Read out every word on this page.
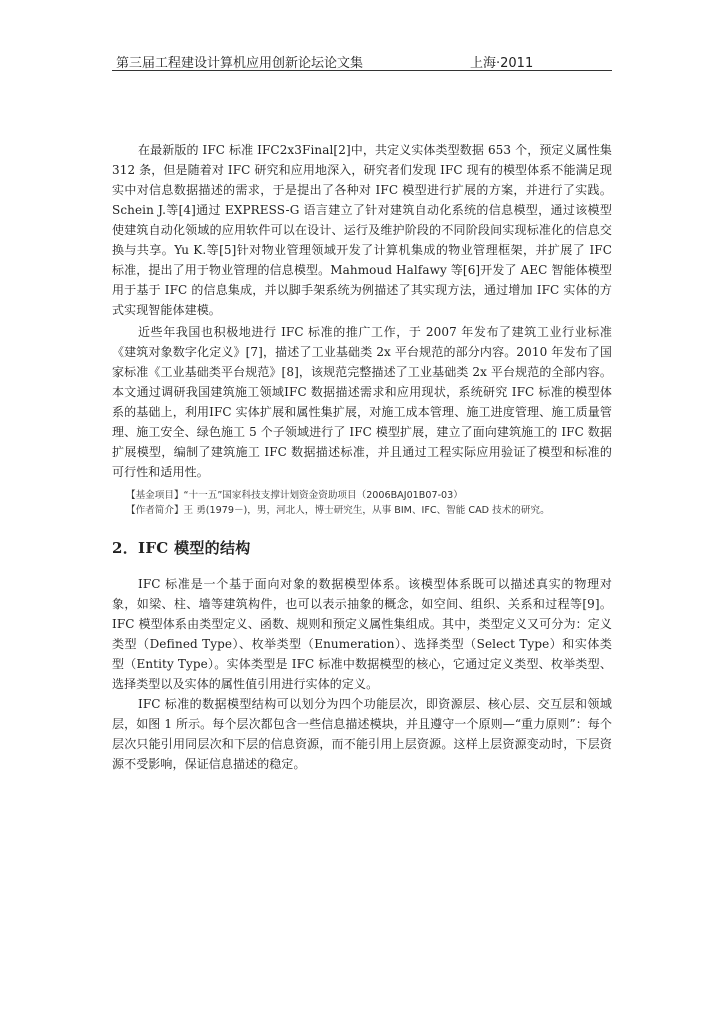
第三届工程建设计算机应用创新论坛论文集	上海·2011

在最新版的 IFC 标准 IFC2x3Final[2]中，共定义实体类型数据 653 个，预定义属性集 312 条，但是随着对 IFC 研究和应用地深入，研究者们发现 IFC 现有的模型体系不能满足现实中对信息数据描述的需求，于是提出了各种对 IFC 模型进行扩展的方案，并进行了实践。Schein J.等[4]通过 EXPRESS-G 语言建立了针对建筑自动化系统的信息模型，通过该模型使建筑自动化领域的应用软件可以在设计、运行及维护阶段的不同阶段间实现标准化的信息交换与共享。Yu K.等[5]针对物业管理领域开发了计算机集成的物业管理框架，并扩展了 IFC 标准，提出了用于物业管理的信息模型。Mahmoud Halfawy 等[6]开发了 AEC 智能体模型用于基于 IFC 的信息集成，并以脚手架系统为例描述了其实现方法，通过增加 IFC 实体的方式实现智能体建模。

近些年我国也积极地进行 IFC 标准的推广工作，于 2007 年发布了建筑工业行业标准《建筑对象数字化定义》[7]，描述了工业基础类 2x 平台规范的部分内容。2010 年发布了国家标准《工业基础类平台规范》[8]，该规范完整描述了工业基础类 2x 平台规范的全部内容。本文通过调研我国建筑施工领域IFC 数据描述需求和应用现状，系统研究 IFC 标准的模型体系的基础上，利用IFC 实体扩展和属性集扩展，对施工成本管理、施工进度管理、施工质量管理、施工安全、绿色施工 5 个子领域进行了 IFC 模型扩展，建立了面向建筑施工的 IFC 数据扩展模型，编制了建筑施工 IFC 数据描述标准，并且通过工程实际应用验证了模型和标准的可行性和适用性。

【基金项目】“十一五”国家科技支撑计划资金资助项目（2006BAJ01B07-03）
【作者简介】王 勇(1979－)，男，河北人，博士研究生，从事 BIM、IFC、智能 CAD 技术的研究。
2．IFC 模型的结构

IFC 标准是一个基于面向对象的数据模型体系。该模型体系既可以描述真实的物理对象，如梁、柱、墙等建筑构件，也可以表示抽象的概念，如空间、组织、关系和过程等[9]。IFC 模型体系由类型定义、函数、规则和预定义属性集组成。其中，类型定义又可分为：定义类型（Defined Type）、枚举类型（Enumeration）、选择类型（Select Type）和实体类型（Entity Type）。实体类型是 IFC 标准中数据模型的核心，它通过定义类型、枚举类型、选择类型以及实体的属性值引用进行实体的定义。

IFC 标准的数据模型结构可以划分为四个功能层次，即资源层、核心层、交互层和领域层，如图 1 所示。每个层次都包含一些信息描述模块，并且遵守一个原则—“重力原则”：每个层次只能引用同层次和下层的信息资源，而不能引用上层资源。这样上层资源变动时，下层资源不受影响，保证信息描述的稳定。
